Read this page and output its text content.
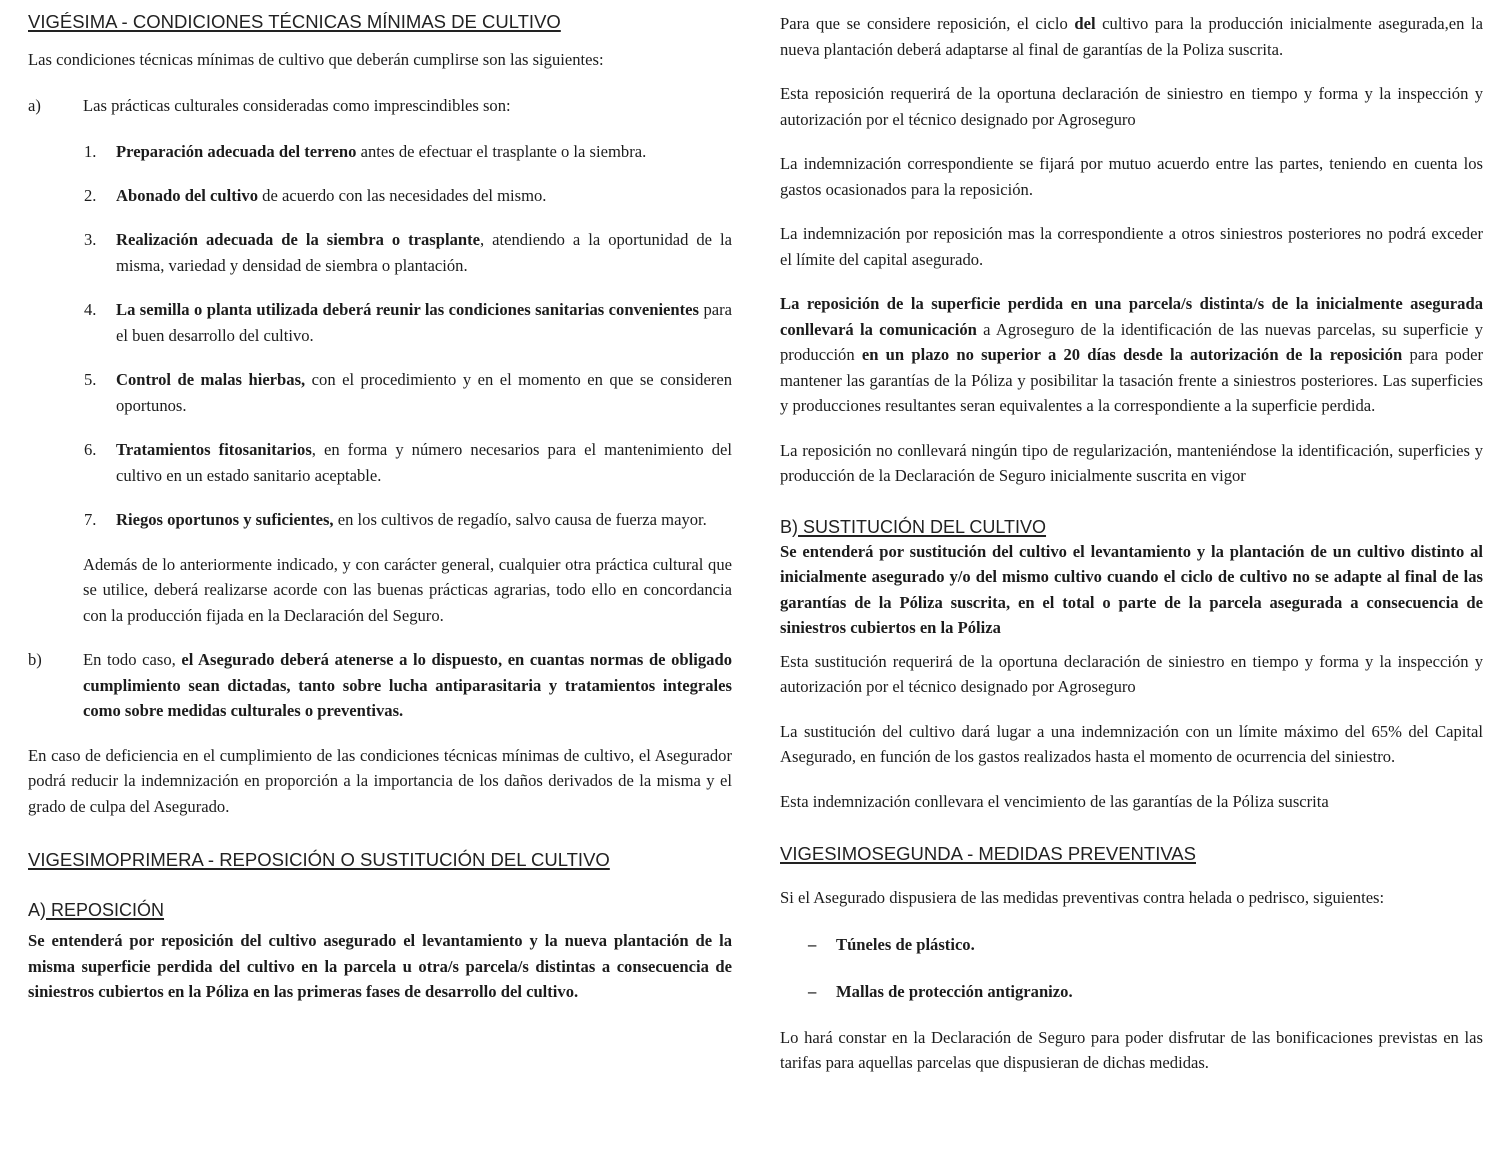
VIGÉSIMA - CONDICIONES TÉCNICAS MÍNIMAS DE CULTIVO

Las condiciones técnicas mínimas de cultivo que deberán cumplirse son las siguientes:

a)	Las prácticas culturales consideradas como imprescindibles son:

1.	Preparación adecuada del terreno antes de efectuar el trasplante o la siembra.

2.	Abonado del cultivo de acuerdo con las necesidades del mismo.

3.	Realización adecuada de la siembra o trasplante, atendiendo a la oportunidad de la misma, variedad y densidad de siembra o plantación.

4.	La semilla o planta utilizada deberá reunir las condiciones sanitarias convenientes para el buen desarrollo del cultivo.

5.	Control de malas hierbas, con el procedimiento y en el momento en que se consideren oportunos.

6.	Tratamientos fitosanitarios, en forma y número necesarios para el mantenimiento del cultivo en un estado sanitario aceptable.

7.	Riegos oportunos y suficientes, en los cultivos de regadío, salvo causa de fuerza mayor.

Además de lo anteriormente indicado, y con carácter general, cualquier otra práctica cultural que se utilice, deberá realizarse acorde con las buenas prácticas agrarias, todo ello en concordancia con la producción fijada en la Declaración del Seguro.

b)	En todo caso, el Asegurado deberá atenerse a lo dispuesto, en cuantas normas de obligado cumplimiento sean dictadas, tanto sobre lucha antiparasitaria y tratamientos integrales como sobre medidas culturales o preventivas.

En caso de deficiencia en el cumplimiento de las condiciones técnicas mínimas de cultivo, el Asegurador podrá reducir la indemnización en proporción a la importancia de los daños derivados de la misma y el grado de culpa del Asegurado.

VIGESIMOPRIMERA - REPOSICIÓN O SUSTITUCIÓN DEL CULTIVO
A) REPOSICIÓN

Se entenderá por reposición del cultivo asegurado el levantamiento y la nueva plantación de la misma superficie perdida del cultivo en la parcela u otra/s parcela/s distintas a consecuencia de siniestros cubiertos en la Póliza en las primeras fases de desarrollo del cultivo.

Para que se considere reposición, el ciclo del cultivo para la producción inicialmente asegurada,en la nueva plantación deberá adaptarse al final de garantías de la Poliza suscrita.

Esta reposición requerirá de la oportuna declaración de siniestro en tiempo y forma y la inspección y autorización por el técnico designado por Agroseguro

La indemnización correspondiente se fijará por mutuo acuerdo entre las partes, teniendo en cuenta los gastos ocasionados para la reposición.

La indemnización por reposición mas la correspondiente a otros siniestros posteriores no podrá exceder el límite del capital asegurado.

La reposición de la superficie perdida en una parcela/s distinta/s de la inicialmente asegurada conllevará la comunicación a Agroseguro de la identificación de las nuevas parcelas, su superficie y producción en un plazo no superior a 20 días desde la autorización de la reposición para poder mantener las garantías de la Póliza y posibilitar la tasación frente a siniestros posteriores. Las superficies y producciones resultantes seran equivalentes a la correspondiente a la superficie perdida.

La reposición no conllevará ningún tipo de regularización, manteniéndose la identificación, superficies y producción de la Declaración de Seguro inicialmente suscrita en vigor

B) SUSTITUCIÓN DEL CULTIVO

Se entenderá por sustitución del cultivo el levantamiento y la plantación de un cultivo distinto al inicialmente asegurado y/o del mismo cultivo cuando el ciclo de cultivo no se adapte al final de las garantías de la Póliza suscrita, en el total o parte de la parcela asegurada a consecuencia de siniestros cubiertos en la Póliza

Esta sustitución requerirá de la oportuna declaración de siniestro en tiempo y forma y la inspección y autorización por el técnico designado por Agroseguro

La sustitución del cultivo dará lugar a una indemnización con un límite máximo del 65% del Capital Asegurado, en función de los gastos realizados hasta el momento de ocurrencia del siniestro.

Esta indemnización conllevara el vencimiento de las garantías de la Póliza suscrita

VIGESIMOSEGUNDA - MEDIDAS PREVENTIVAS

Si el Asegurado dispusiera de las medidas preventivas contra helada o pedrisco, siguientes:

–	Túneles de plástico.
–	Mallas de protección antigranizo.

Lo hará constar en la Declaración de Seguro para poder disfrutar de las bonificaciones previstas en las tarifas para aquellas parcelas que dispusieran de dichas medidas.
